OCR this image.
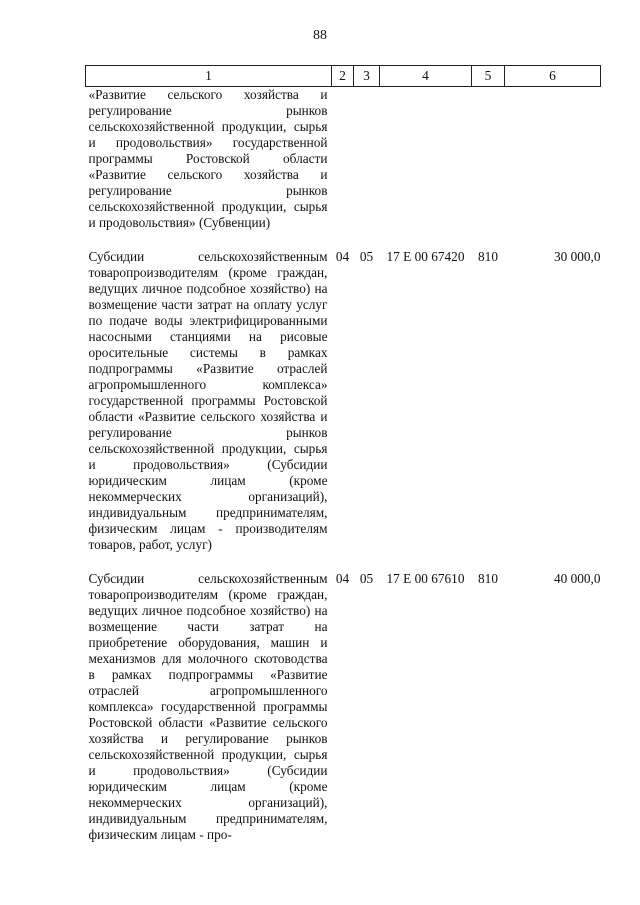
88
1	2	3	4	5	6
«Развитие сельского хозяйства и регулирование рынков сельскохозяйственной продукции, сырья и продовольствия» государственной программы Ростовской области «Развитие сельского хозяйства и регулирование рынков сельскохозяйственной продукции, сырья и продовольствия» (Субвенции)					
Субсидии сельскохозяйственным товаропроизводителям (кроме граждан, ведущих личное подсобное хозяйство) на возмещение части затрат на оплату услуг по подаче воды электрифицированными насосными станциями на рисовые оросительные системы в рамках подпрограммы «Развитие отраслей агропромышленного комплекса» государственной программы Ростовской области «Развитие сельского хозяйства и регулирование рынков сельскохозяйственной продукции, сырья и продовольствия» (Субсидии юридическим лицам (кроме некоммерческих организаций), индивидуальным предпринимателям, физическим лицам - производителям товаров, работ, услуг)	04	05	17 Е 00 67420	810	30 000,0
Субсидии сельскохозяйственным товаропроизводителям (кроме граждан, ведущих личное подсобное хозяйство) на возмещение части затрат на приобретение оборудования, машин и механизмов для молочного скотоводства в рамках подпрограммы «Развитие отраслей агропромышленного комплекса» государственной программы Ростовской области «Развитие сельского хозяйства и регулирование рынков сельскохозяйственной продукции, сырья и продовольствия» (Субсидии юридическим лицам (кроме некоммерческих организаций), индивидуальным предпринимателям, физическим лицам - про-	04	05	17 Е 00 67610	810	40 000,0
